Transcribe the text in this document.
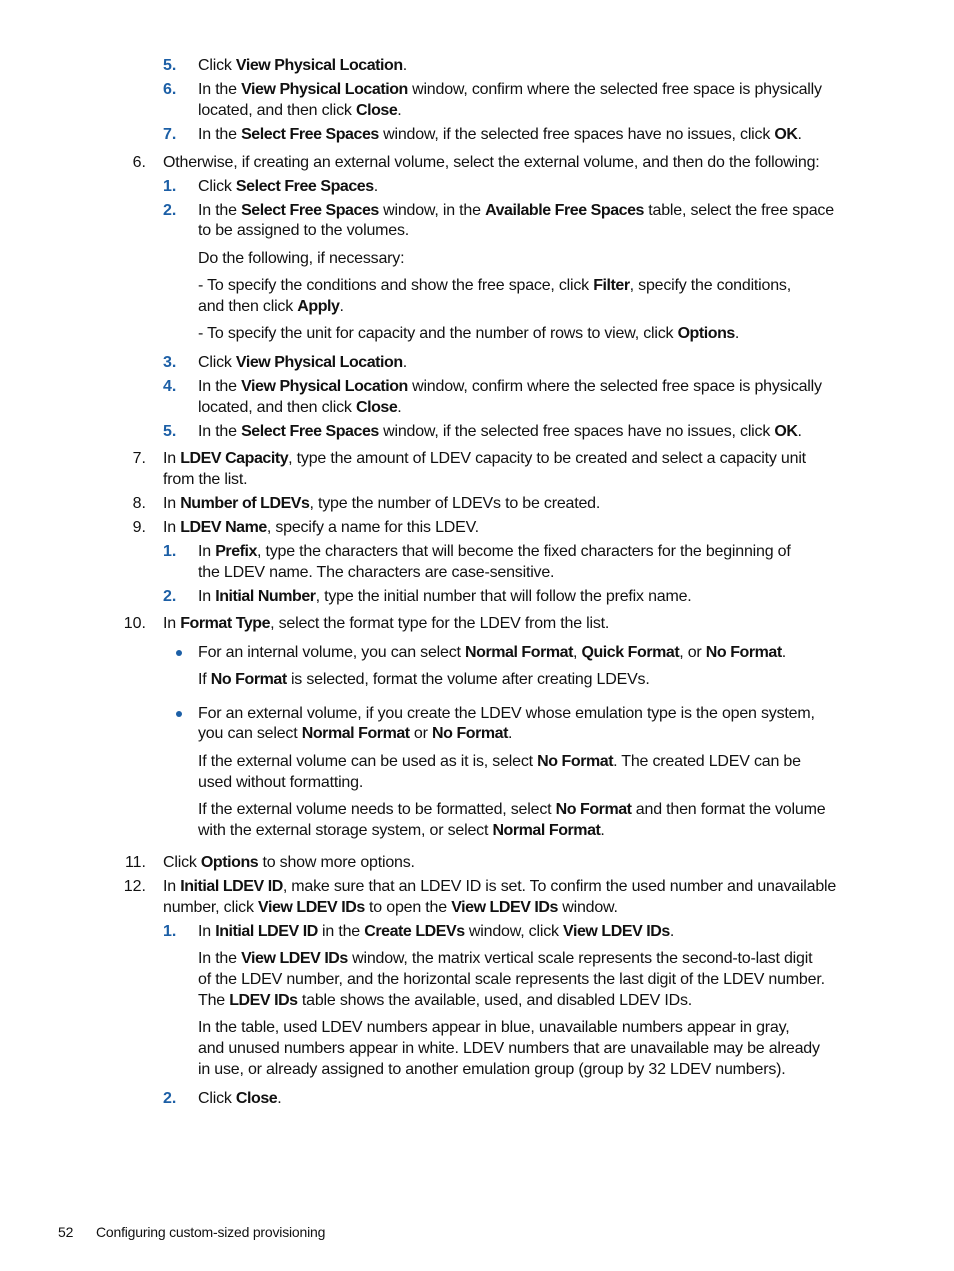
5. Click View Physical Location.
6. In the View Physical Location window, confirm where the selected free space is physically
located, and then click Close.
7. In the Select Free Spaces window, if the selected free spaces have no issues, click OK.
6. Otherwise, if creating an external volume, select the external volume, and then do the following:
1. Click Select Free Spaces.
2. In the Select Free Spaces window, in the Available Free Spaces table, select the free space
to be assigned to the volumes.
Do the following, if necessary:
- To specify the conditions and show the free space, click Filter, specify the conditions,
and then click Apply.
- To specify the unit for capacity and the number of rows to view, click Options.
3. Click View Physical Location.
4. In the View Physical Location window, confirm where the selected free space is physically
located, and then click Close.
5. In the Select Free Spaces window, if the selected free spaces have no issues, click OK.
7. In LDEV Capacity, type the amount of LDEV capacity to be created and select a capacity unit
from the list.
8. In Number of LDEVs, type the number of LDEVs to be created.
9. In LDEV Name, specify a name for this LDEV.
1. In Prefix, type the characters that will become the fixed characters for the beginning of
the LDEV name. The characters are case-sensitive.
2. In Initial Number, type the initial number that will follow the prefix name.
10. In Format Type, select the format type for the LDEV from the list.
For an internal volume, you can select Normal Format, Quick Format, or No Format.
If No Format is selected, format the volume after creating LDEVs.
For an external volume, if you create the LDEV whose emulation type is the open system,
you can select Normal Format or No Format.
If the external volume can be used as it is, select No Format. The created LDEV can be
used without formatting.
If the external volume needs to be formatted, select No Format and then format the volume
with the external storage system, or select Normal Format.
11. Click Options to show more options.
12. In Initial LDEV ID, make sure that an LDEV ID is set. To confirm the used number and unavailable
number, click View LDEV IDs to open the View LDEV IDs window.
1. In Initial LDEV ID in the Create LDEVs window, click View LDEV IDs.
In the View LDEV IDs window, the matrix vertical scale represents the second-to-last digit
of the LDEV number, and the horizontal scale represents the last digit of the LDEV number.
The LDEV IDs table shows the available, used, and disabled LDEV IDs.
In the table, used LDEV numbers appear in blue, unavailable numbers appear in gray,
and unused numbers appear in white. LDEV numbers that are unavailable may be already
in use, or already assigned to another emulation group (group by 32 LDEV numbers).
2. Click Close.
52 Configuring custom-sized provisioning
